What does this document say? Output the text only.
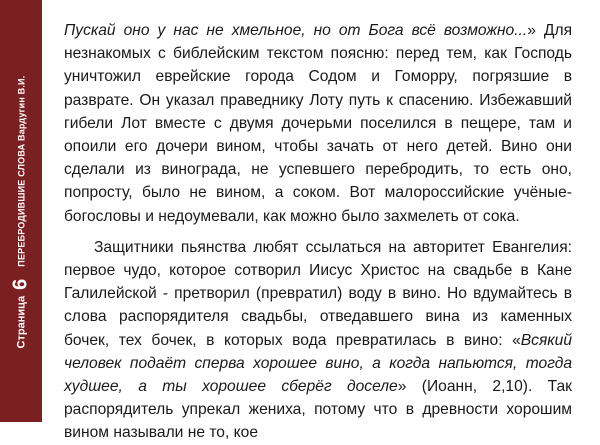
Страница
6
ПЕРЕБРОДИВШИЕ СЛОВА Вардугин В.И.

Пускай оно у нас не хмельное, но от Бога всё возможно...» Для незнакомых с библейским текстом поясню: перед тем, как Господь уничтожил еврейские города Содом и Гоморру, погрязшие в разврате. Он указал праведнику Лоту путь к спасению. Избежавший гибели Лот вместе с двумя дочерьми поселился в пещере, там и опоили его дочери вином, чтобы зачать от него детей. Вино они сделали из винограда, не успевшего перебродить, то есть оно, попросту, было не вином, а соком. Вот малороссийские учёные-богословы и недоумевали, как можно было захмелеть от сока.

Защитники пьянства любят ссылаться на авторитет Евангелия: первое чудо, которое сотворил Иисус Христос на свадьбе в Кане Галилейской - претворил (превратил) воду в вино. Но вдумайтесь в слова распорядителя свадьбы, отведавшего вина из каменных бочек, тех бочек, в которых вода превратилась в вино: «Всякий человек подаёт сперва хорошее вино, а когда напьются, тогда худшее, а ты хорошее сберёг доселе» (Иоанн, 2,10). Так распорядитель упрекал жениха, потому что в древности хорошим вином называли не то, кое
